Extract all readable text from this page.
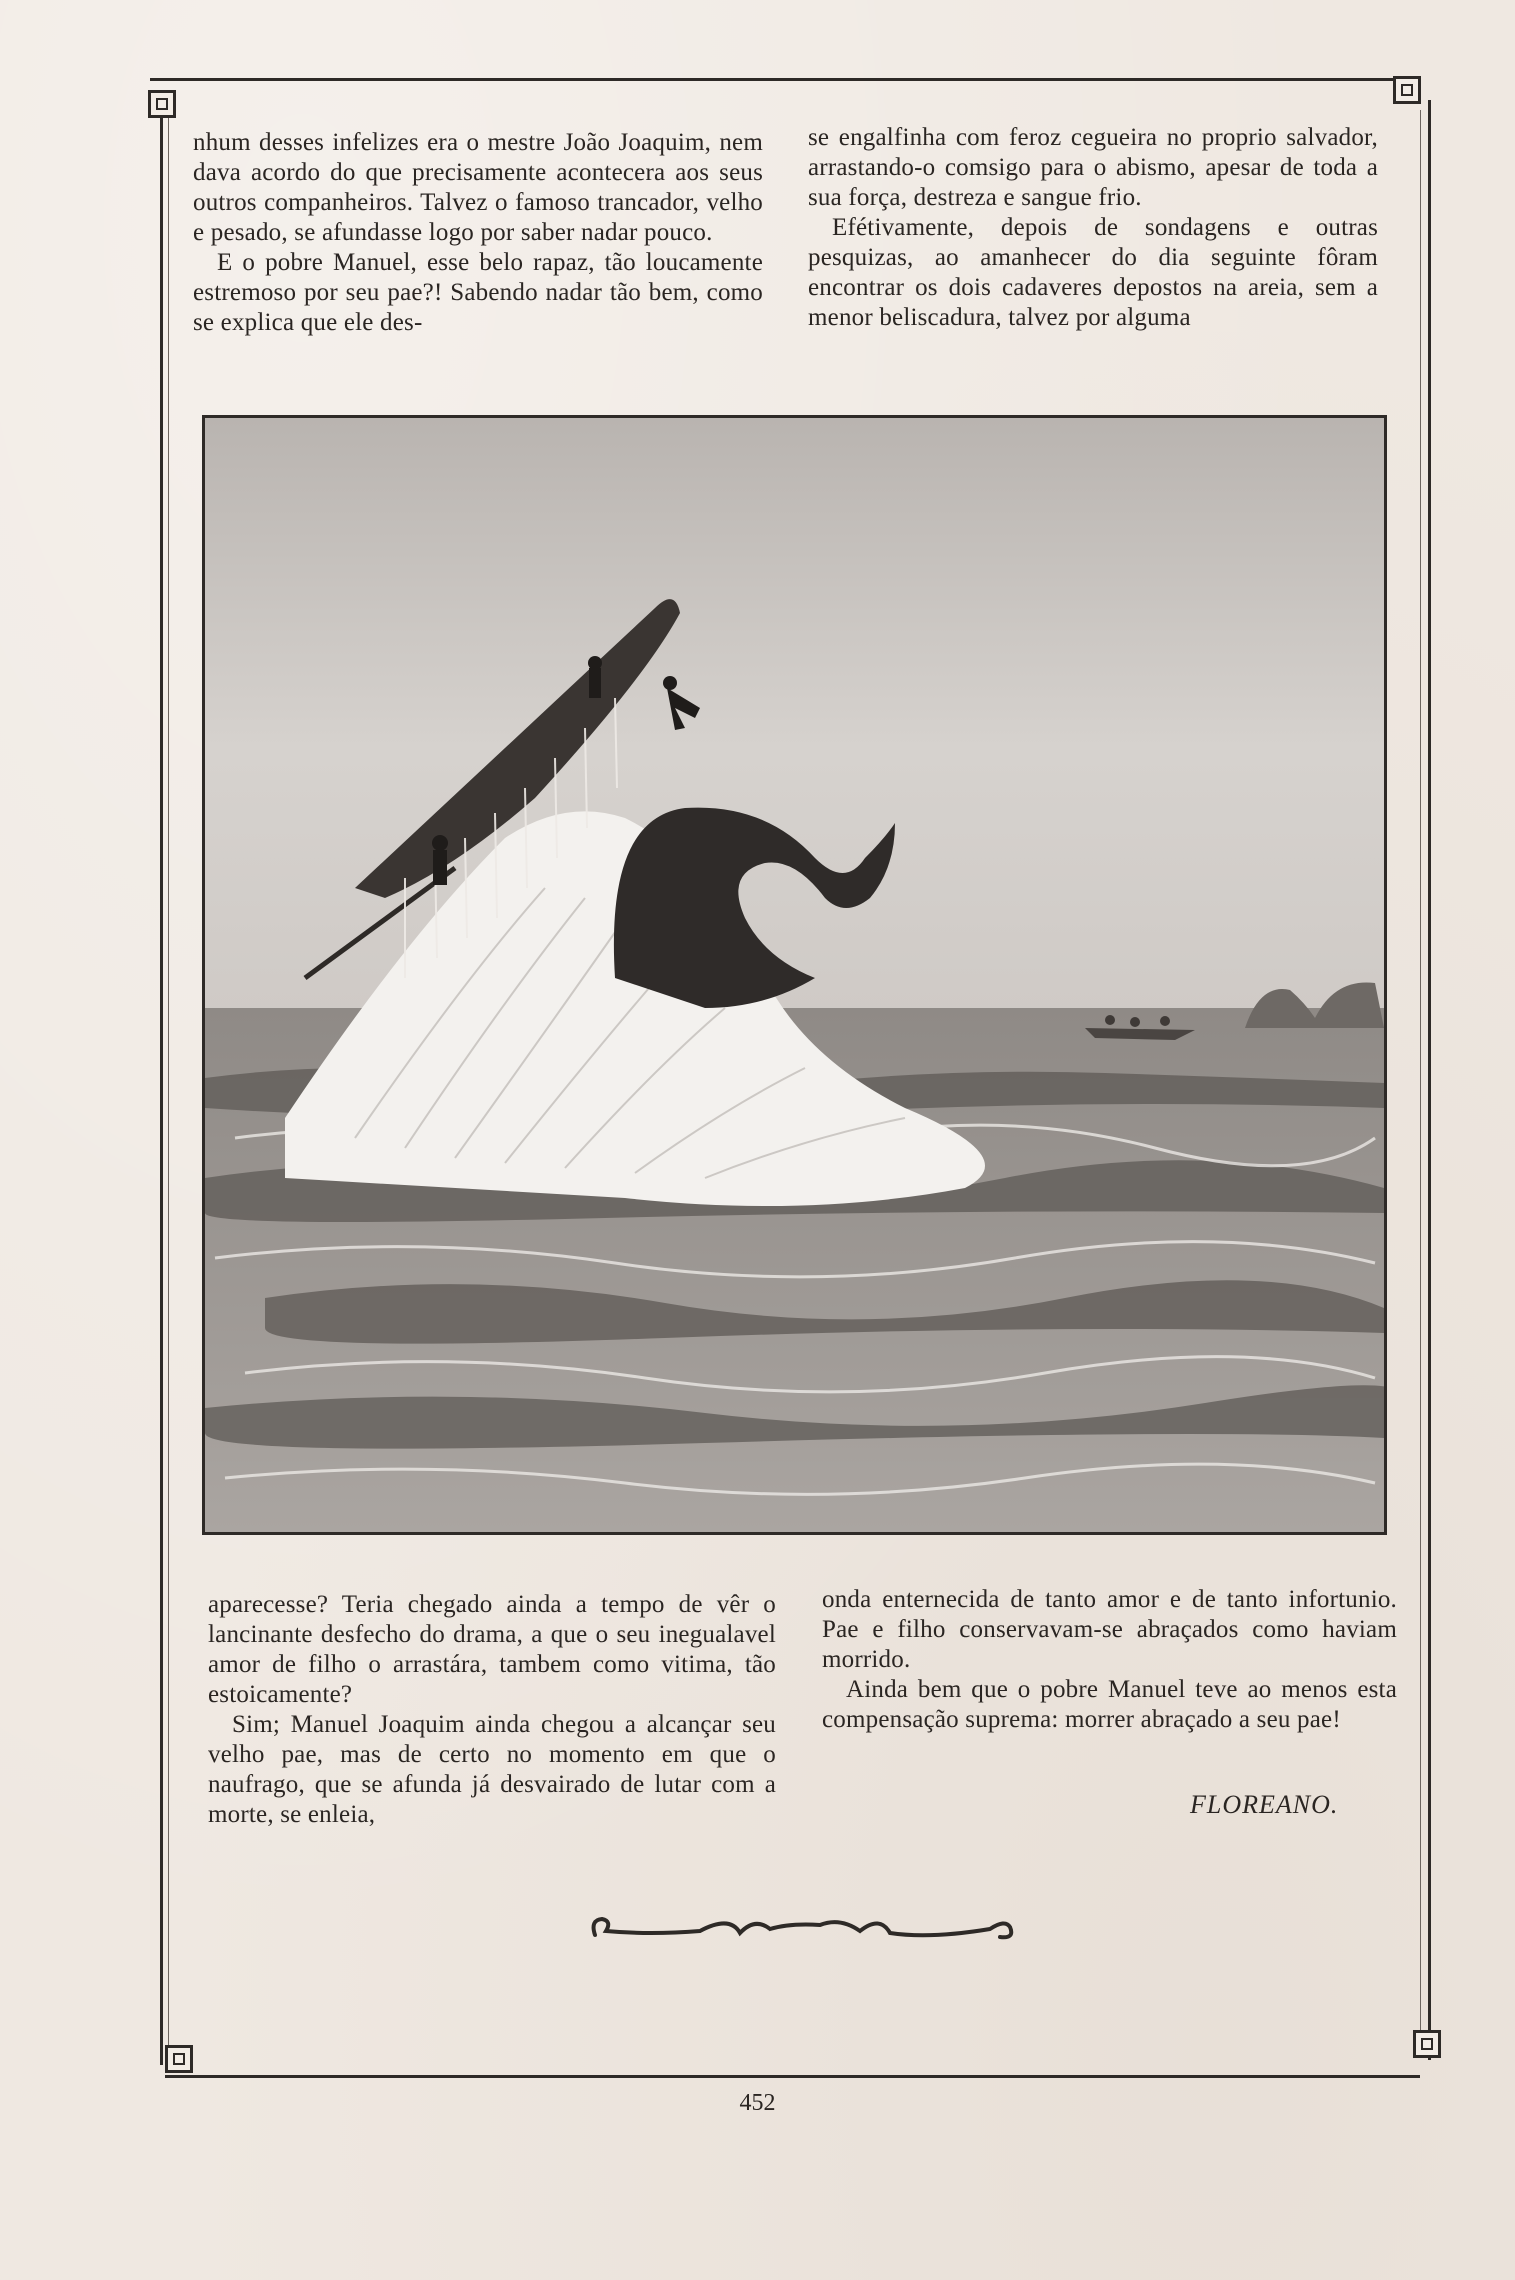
nhum desses infelizes era o mestre João Joaquim, nem dava acordo do que precisamente acontecera aos seus outros companheiros. Talvez o famoso trancador, velho e pesado, se afundasse logo por saber nadar pouco.

E o pobre Manuel, esse belo rapaz, tão loucamente estremoso por seu pae?! Sabendo nadar tão bem, como se explica que ele des-

se engalfinha com feroz cegueira no proprio salvador, arrastando-o comsigo para o abismo, apesar de toda a sua força, destreza e sangue frio.

Efétivamente, depois de sondagens e outras pesquizas, ao amanhecer do dia seguinte fôram encontrar os dois cadaveres depostos na areia, sem a menor beliscadura, talvez por alguma

aparecesse? Teria chegado ainda a tempo de vêr o lancinante desfecho do drama, a que o seu inegualavel amor de filho o arrastára, tambem como vitima, tão estoicamente?

Sim; Manuel Joaquim ainda chegou a alcançar seu velho pae, mas de certo no momento em que o naufrago, que se afunda já desvairado de lutar com a morte, se enleia,

onda enternecida de tanto amor e de tanto infortunio. Pae e filho conservavam-se abraçados como haviam morrido.

Ainda bem que o pobre Manuel teve ao menos esta compensação suprema: morrer abraçado a seu pae!

FLOREANO.
452
